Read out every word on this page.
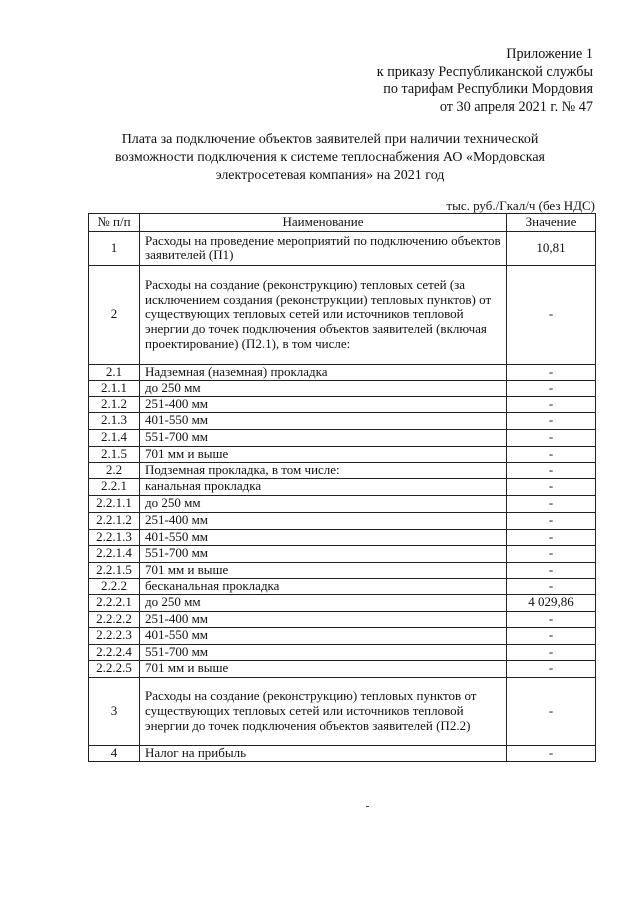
Приложение 1
к приказу Республиканской службы
по тарифам Республики Мордовия
от 30 апреля 2021 г. № 47
Плата за подключение объектов заявителей при наличии технической
возможности подключения к системе теплоснабжения АО «Мордовская
электросетевая компания» на 2021 год
тыс. руб./Гкал/ч (без НДС)
№ п/п	Наименование	Значение
1	Расходы на проведение мероприятий по подключению объектов заявителей (П1)	10,81
2	Расходы на создание (реконструкцию) тепловых сетей (за исключением создания (реконструкции) тепловых пунктов) от существующих тепловых сетей или источников тепловой энергии до точек подключения объектов заявителей (включая проектирование) (П2.1), в том числе:	-
2.1	Надземная (наземная) прокладка	-
2.1.1	до 250 мм	-
2.1.2	251-400 мм	-
2.1.3	401-550 мм	-
2.1.4	551-700 мм	-
2.1.5	701 мм и выше	-
2.2	Подземная прокладка, в том числе:	-
2.2.1	канальная прокладка	-
2.2.1.1	до 250 мм	-
2.2.1.2	251-400 мм	-
2.2.1.3	401-550 мм	-
2.2.1.4	551-700 мм	-
2.2.1.5	701 мм и выше	-
2.2.2	бесканальная прокладка	-
2.2.2.1	до 250 мм	4 029,86
2.2.2.2	251-400 мм	-
2.2.2.3	401-550 мм	-
2.2.2.4	551-700 мм	-
2.2.2.5	701 мм и выше	-
3	Расходы на создание (реконструкцию) тепловых пунктов от существующих тепловых сетей или источников тепловой энергии до точек подключения объектов заявителей (П2.2)	-
4	Налог на прибыль	-
